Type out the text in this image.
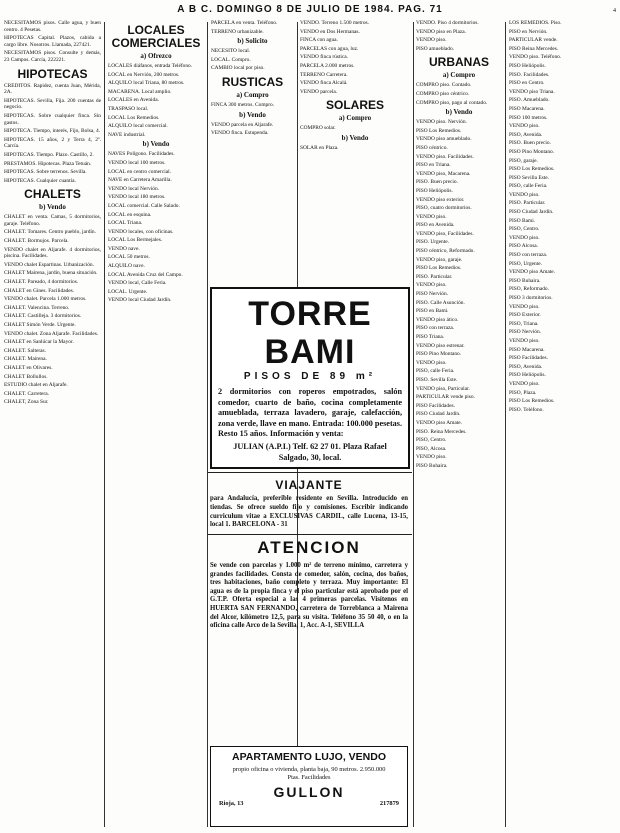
A B C. DOMINGO 8 DE JULIO DE 1984. PAG. 71	4
NECESITAMOS pisos. Calle agua, y buen centro. 4 Pesetas.
HIPOTECAS Capital. Plazos, cabida a cargo libre. Nosotros. Llamada, 227421.
NECESITAMOS pisos. Consulte y demás, 23 Campos. Carcía, 222221.
HIPOTECAS
CREDITOS. Rapidez, cuenta Juan, Mérida, 2A.
HIPOTECAS. Sevilla, Fija. 200 cuentas de negocio.
HIPOTECAS. Sobre cualquier finca. Sin gastos.
HIPOTECA. Tiempo, interés, Fijo, Bolsa, 4.
HIPOTECAS. 15 años, 2 y Terra 4, 2º. Carcía.
HIPOTECAS. Tiempo. Plazo. Castillo, 2.
PRESTAMOS. Hipotecas. Plaza Tetuán.
HIPOTECAS. Sobre terrenos. Sevilla.
HIPOTECAS. Cualquier cuantía.
CHALETS
b) Vendo
CHALET en venta. Camas, 5 dormitorios, garaje. Teléfono.
CHALET. Tomares. Centro pueblo, jardín.
CHALET. Bormujos. Parcela.
VENDO chalet en Aljarafe. 4 dormitorios, piscina. Facilidades.
VENDO chalet Espartinas. Urbanización.
CHALET Mairena, jardín, buena situación.
CHALET. Pareado, 4 dormitorios.
CHALET en Gines. Facilidades.
VENDO chalet. Parcela 1.000 metros.
CHALET. Valencina. Terreno.
CHALET. Castilleja. 3 dormitorios.
CHALET Simón Verde. Urgente.
VENDO chalet. Zona Aljarafe. Facilidades.
CHALET en Sanlúcar la Mayor.
CHALET. Salteras.
CHALET. Mairena.
CHALET en Olivares.
CHALET Bollullos.
ESTUDIO chalet en Aljarafe.
CHALET. Carretera.
CHALET, Zona Sur.
LOCALES COMERCIALES
a) Ofrezco
LOCALES diáfanos, entrada Teléfono.
LOCAL en Nervión, 200 metros.
ALQUILO local Triana, 80 metros.
MACARENA. Local amplio.
LOCALES en Avenida.
TRASPASO local.
LOCAL Los Remedios.
ALQUILO local comercial.
NAVE industrial.
b) Vendo
NAVES Polígono. Facilidades.
VENDO local 100 metros.
LOCAL en centro comercial.
NAVE en Carretera Amarilla.
VENDO local Nervión.
VENDO local 180 metros.
LOCAL comercial. Calle Salado.
LOCAL en esquina.
LOCAL Triana.
VENDO locales, con oficinas.
LOCAL Los Bermejales.
VENDO nave.
LOCAL 50 metros.
ALQUILO nave.
LOCAL Avenida Cruz del Campo.
VENDO local, Calle Feria.
LOCAL. Urgente.
VENDO local Ciudad Jardín.
PARCELA en venta. Teléfono.
TERRENO urbanizable.
b) Solicito
NECESITO local.
LOCAL. Compro.
CAMBIO local por piso.
RUSTICAS
a) Compro
FINCA 300 metros. Compro.
b) Vendo
VENDO parcela en Aljarafe.
VENDO finca. Estupenda.
VENDO. Terreno 1.500 metros.
VENDO en Dos Hermanas.
FINCA con agua.
PARCELAS con agua, luz.
VENDO finca rústica.
PARCELA 2.000 metros.
TERRENO Carretera.
VENDO finca Alcalá.
VENDO parcela.
SOLARES
a) Compro
COMPRO solar.
b) Vendo
SOLAR en Plaza.
VENDO. Piso 4 dormitorios.
VENDO piso en Plaza.
VENDO piso.
PISO amueblado.
URBANAS
a) Compro
COMPRO piso. Contado.
COMPRO piso céntrico.
COMPRO piso, pago al contado.
b) Vendo
VENDO piso. Nervión.
PISO Los Remedios.
VENDO piso amueblado.
PISO céntrico.
VENDO piso. Facilidades.
PISO en Triana.
VENDO piso, Macarena.
PISO. Buen precio.
PISO Heliópolis.
VENDO piso exterior.
PISO, cuatro dormitorios.
VENDO piso.
PISO en Avenida.
VENDO piso, Facilidades.
PISO. Urgente.
PISO céntrico, Reformado.
VENDO piso, garaje.
PISO Los Remedios.
PISO. Particular.
VENDO piso.
PISO Nervión.
PISO. Calle Asunción.
PISO en Bami.
VENDO piso ático.
PISO con terraza.
PISO Triana.
VENDO piso estrenar.
PISO Pino Montano.
VENDO piso.
PISO, calle Feria.
PISO. Sevilla Este.
VENDO piso, Particular.
PARTICULAR vende piso.
PISO Facilidades.
PISO Ciudad Jardín.
VENDO piso Amate.
PISO. Reina Mercedes.
PISO, Centro.
PISO, Alcosa.
VENDO piso.
PISO Buhaira.
LOS REMEDIOS. Piso.
PISO en Nervión.
PARTICULAR vende.
PISO Reina Mercedes.
VENDO piso. Teléfono.
PISO Heliópolis.
PISO. Facilidades.
PISO en Centro.
VENDO piso Triana.
PISO. Amueblado.
PISO Macarena.
PISO 100 metros.
VENDO piso.
PISO, Avenida.
PISO. Buen precio.
PISO Pino Montano.
PISO, garaje.
PISO Los Remedios.
PISO Sevilla Este.
PISO, calle Feria.
VENDO piso.
PISO. Particular.
PISO Ciudad Jardín.
PISO Bami.
PISO, Centro.
VENDO piso.
PISO Alcosa.
PISO con terraza.
PISO, Urgente.
VENDO piso Amate.
PISO Buhaira.
PISO, Reformado.
PISO 3 dormitorios.
VENDO piso.
PISO Exterior.
PISO, Triana.
PISO Nervión.
VENDO piso.
PISO Macarena.
PISO Facilidades.
PISO, Avenida.
PISO Heliópolis.
VENDO piso.
PISO, Plaza.
PISO Los Remedios.
PISO. Teléfono.
TORRE BAMI
PISOS DE 89 m²
2 dormitorios con roperos empotrados, salón comedor, cuarto de baño, cocina completamente amueblada, terraza lavadero, garaje, calefacción, zona verde, llave en mano. Entrada: 100.000 pesetas. Resto 15 años. Información y venta:
JULIAN (A.P.I.) Telf. 62 27 01. Plaza Rafael Salgado, 30, local.
VIAJANTE
para Andalucía, preferible residente en Sevilla. Introducido en tiendas. Se ofrece sueldo fijo y comisiones. Escribir indicando curriculum vitae a EXCLUSIVAS CARDIL, calle Lucena, 13-15, local 1. BARCELONA - 31
ATENCION
Se vende con parcelas y 1.000 m² de terreno mínimo, carretera y grandes facilidades. Consta de comedor, salón, cocina, dos baños, tres habitaciones, baño completo y terraza. Muy importante: El agua es de la propia finca y el piso particular está aprobado por el G.T.P. Oferta especial a las 4 primeras parcelas. Visítenos en HUERTA SAN FERNANDO, carretera de Torreblanca a Mairena del Alcor, kilómetro 12,5, para su visita. Teléfono 35 50 40, o en la oficina calle Arco de la Sevilla, 1, Acc. A-1, SEVILLA
APARTAMENTO LUJO, VENDO
propio oficina o vivienda, planta baja, 90 metros. 2.950.000 Ptas. Facilidades
GULLON
Rioja, 13	217879
